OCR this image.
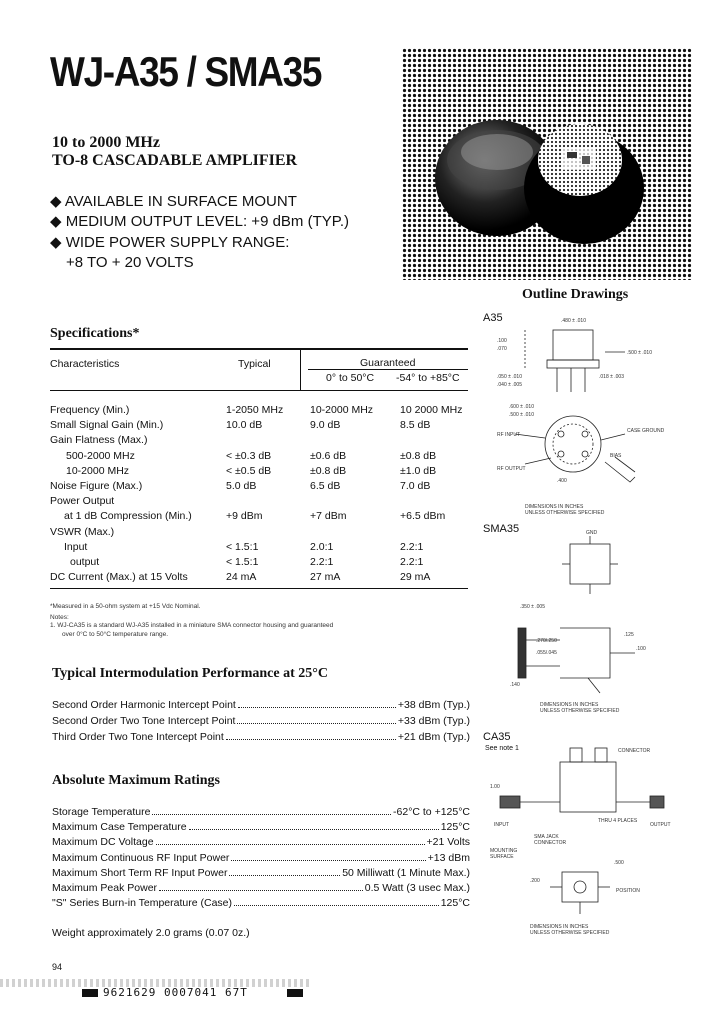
WJ-A35 / SMA35
10 to 2000 MHz
TO-8 CASCADABLE AMPLIFIER
◆ AVAILABLE IN SURFACE MOUNT
◆ MEDIUM OUTPUT LEVEL: +9 dBm (TYP.)
◆ WIDE POWER SUPPLY RANGE:
+8 TO + 20 VOLTS
Outline Drawings
A35
SMA35
CA35
See note 1
.480 ± .010
.100
.070
.500 ± .010
.050 ± .010
.040 ± .005
.018 ± .003
.600 ± .010
.500 ± .010
RF INPUT
CASE GROUND
RF OUTPUT
BIAS
.400
DIMENSIONS IN INCHES
UNLESS OTHERWISE SPECIFIED
GND
.350 ± .005
.270/.250
.055/.045
.125
.100
.140
DIMENSIONS IN INCHES
UNLESS OTHERWISE SPECIFIED
CONNECTOR
1.00
THRU 4 PLACES
INPUT	OUTPUT
SMA JACK
CONNECTOR
MOUNTING
SURFACE
.500
.200
POSITION
DIMENSIONS IN INCHES
UNLESS OTHERWISE SPECIFIED
Specifications*
Characteristics	Typical	Guaranteed
0° to 50°C -54° to +85°C
Frequency (Min.)	1-2050 MHz	10-2000 MHz	10 2000 MHz
Small Signal Gain (Min.)	10.0 dB	9.0 dB	8.5 dB
Gain Flatness (Max.)
500-2000 MHz	< ±0.3 dB	±0.6 dB	±0.8 dB
10-2000 MHz	< ±0.5 dB	±0.8 dB	±1.0 dB
Noise Figure (Max.)	5.0 dB	6.5 dB	7.0 dB
Power Output
at 1 dB Compression (Min.)	+9 dBm	+7 dBm	+6.5 dBm
VSWR (Max.)
Input	< 1.5:1	2.0:1	2.2:1
output	< 1.5:1	2.2:1	2.2:1
DC Current (Max.) at 15 Volts	24 mA	27 mA	29 mA
*Measured in a 50-ohm system at +15 Vdc Nominal.
Notes:
1. WJ-CA35 is a standard WJ-A35 installed in a miniature SMA connector housing and guaranteed
over 0°C to 50°C temperature range.
Typical Intermodulation Performance at 25°C
Second Order Harmonic Intercept Point	+38 dBm (Typ.)
Second Order Two Tone Intercept Point	+33 dBm (Typ.)
Third Order Two Tone Intercept Point	+21 dBm (Typ.)
Absolute Maximum Ratings
Storage Temperature	-62°C to +125°C
Maximum Case Temperature	125°C
Maximum DC Voltage	+21 Volts
Maximum Continuous RF Input Power	+13 dBm
Maximum Short Term RF Input Power	50 Milliwatt (1 Minute Max.)
Maximum Peak Power	0.5 Watt (3 usec Max.)
"S" Series Burn-in Temperature (Case)	125°C
Weight approximately 2.0 grams (0.07 0z.)
94
9621629 0007041 67T
